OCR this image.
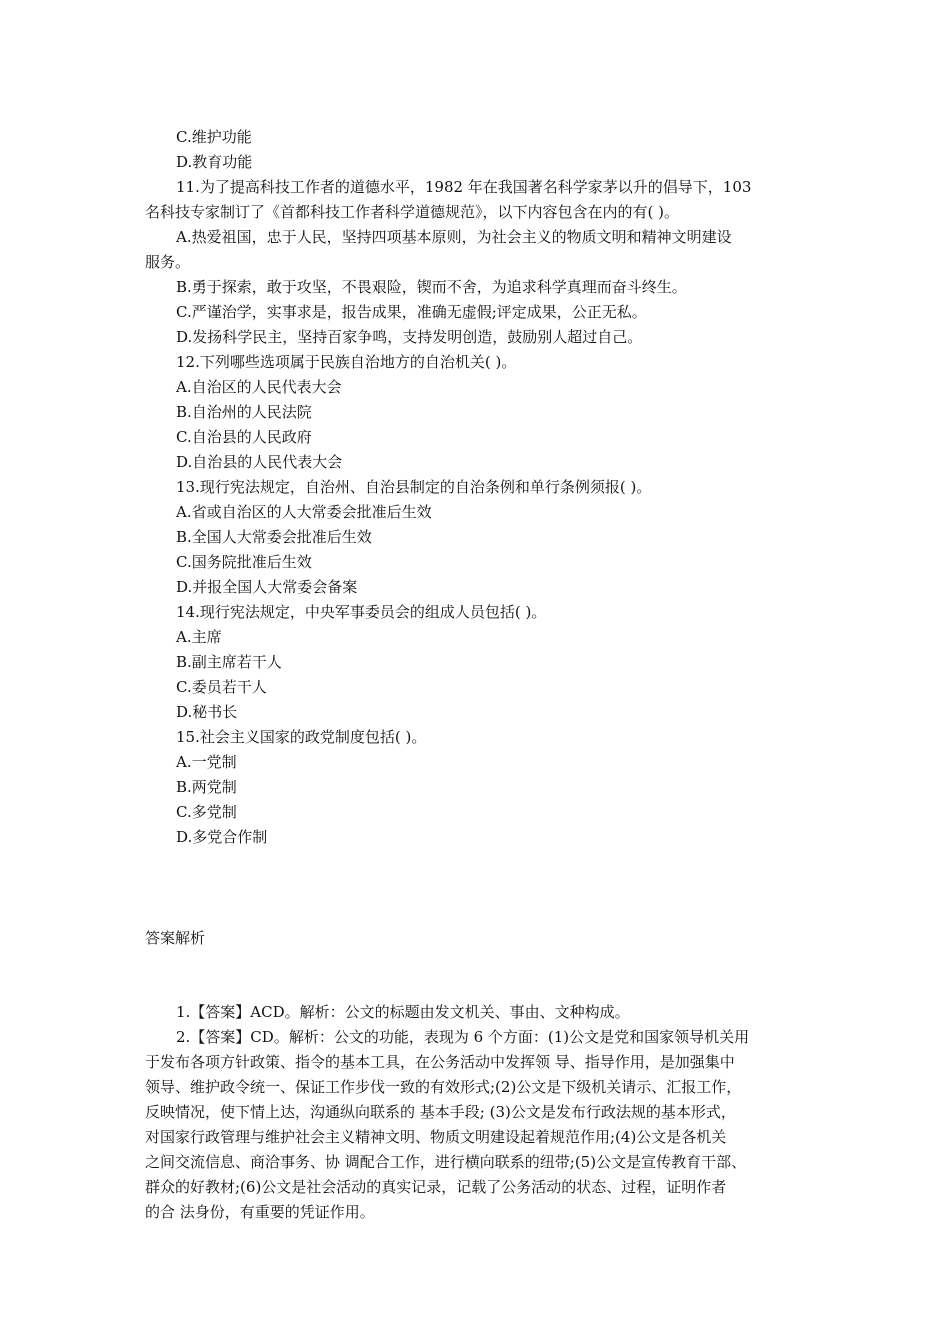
C.维护功能

D.教育功能

11.为了提高科技工作者的道德水平，1982 年在我国著名科学家茅以升的倡导下，103

名科技专家制订了《首都科技工作者科学道德规范》，以下内容包含在内的有( )。

A.热爱祖国，忠于人民，坚持四项基本原则，为社会主义的物质文明和精神文明建设

服务。

B.勇于探索，敢于攻坚，不畏艰险，锲而不舍，为追求科学真理而奋斗终生。

C.严谨治学，实事求是，报告成果，准确无虚假;评定成果，公正无私。

D.发扬科学民主，坚持百家争鸣，支持发明创造，鼓励别人超过自己。

12.下列哪些选项属于民族自治地方的自治机关( )。

A.自治区的人民代表大会

B.自治州的人民法院

C.自治县的人民政府

D.自治县的人民代表大会

13.现行宪法规定，自治州、自治县制定的自治条例和单行条例须报( )。

A.省或自治区的人大常委会批准后生效

B.全国人大常委会批准后生效

C.国务院批准后生效

D.并报全国人大常委会备案

14.现行宪法规定，中央军事委员会的组成人员包括( )。

A.主席

B.副主席若干人

C.委员若干人

D.秘书长

15.社会主义国家的政党制度包括( )。

A.一党制

B.两党制

C.多党制

D.多党合作制

答案解析

1.【答案】ACD。解析：公文的标题由发文机关、事由、文种构成。

2.【答案】CD。解析：公文的功能，表现为 6 个方面：(1)公文是党和国家领导机关用

于发布各项方针政策、指令的基本工具，在公务活动中发挥领 导、指导作用，是加强集中

领导、维护政令统一、保证工作步伐一致的有效形式;(2)公文是下级机关请示、汇报工作，

反映情况，使下情上达，沟通纵向联系的 基本手段; (3)公文是发布行政法规的基本形式，

对国家行政管理与维护社会主义精神文明、物质文明建设起着规范作用;(4)公文是各机关

之间交流信息、商洽事务、协 调配合工作，进行横向联系的纽带;(5)公文是宣传教育干部、

群众的好教材;(6)公文是社会活动的真实记录，记载了公务活动的状态、过程，证明作者

的合 法身份，有重要的凭证作用。
